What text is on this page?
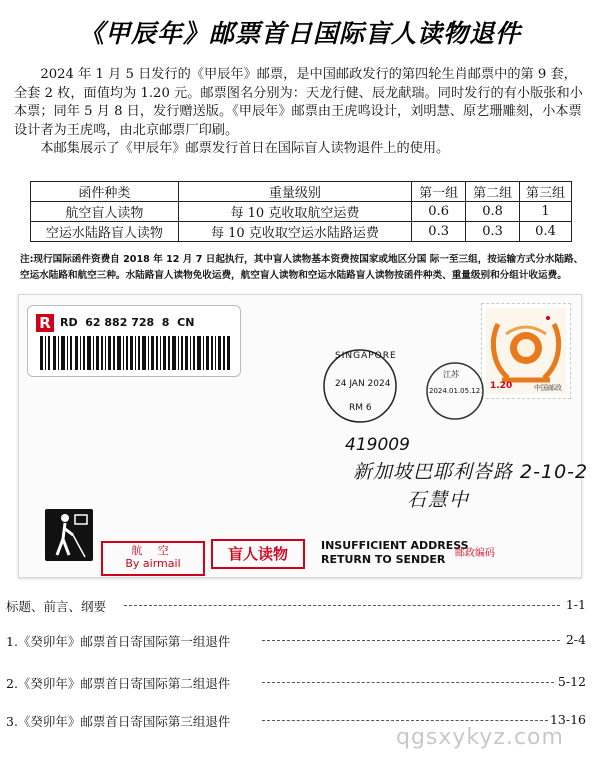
《甲辰年》邮票首日国际盲人读物退件

2024 年 1 月 5 日发行的《甲辰年》邮票，是中国邮政发行的第四轮生肖邮票中的第 9 套，全套 2 枚，面值均为 1.20 元。邮票图名分别为：天龙行健、辰龙献瑞。同时发行的有小版张和小本票；同年 5 月 8 日，发行赠送版。《甲辰年》邮票由王虎鸣设计，刘明慧、原艺珊雕刻，小本票设计者为王虎鸣，由北京邮票厂印刷。

本邮集展示了《甲辰年》邮票发行首日在国际盲人读物退件上的使用。

函件种类	重量级别	第一组	第二组	第三组
航空盲人读物	每 10 克收取航空运费	0.6	0.8	1
空运水陆路盲人读物	每 10 克收取空运水陆路运费	0.3	0.3	0.4
注:现行国际函件资费自 2018 年 12 月 7 日起执行，其中盲人读物基本资费按国家或地区分国 际一至三组，按运输方式分水陆路、空运水陆路和航空三种。水陆路盲人读物免收运费，航空盲人读物和空运水陆路盲人读物按函件种类、重量级别和分组计收运费。
R RD  62 882 728  8  CN
1.20	中国邮政
SINGAPORE
24 JAN 2024
RM 6
江苏
2024.01.05.12
419009
新加坡巴耶利峇路 2-10-2
石慧中
航 空
By airmail
盲人读物	INSUFFICIENT ADDRESS
RETURN TO SENDER 邮政编码
标题、前言、纲要	1-1
1.《癸卯年》邮票首日寄国际第一组退件	2-4
2.《癸卯年》邮票首日寄国际第二组退件	5-12
3.《癸卯年》邮票首日寄国际第三组退件	13-16
qgsxykyz.com
